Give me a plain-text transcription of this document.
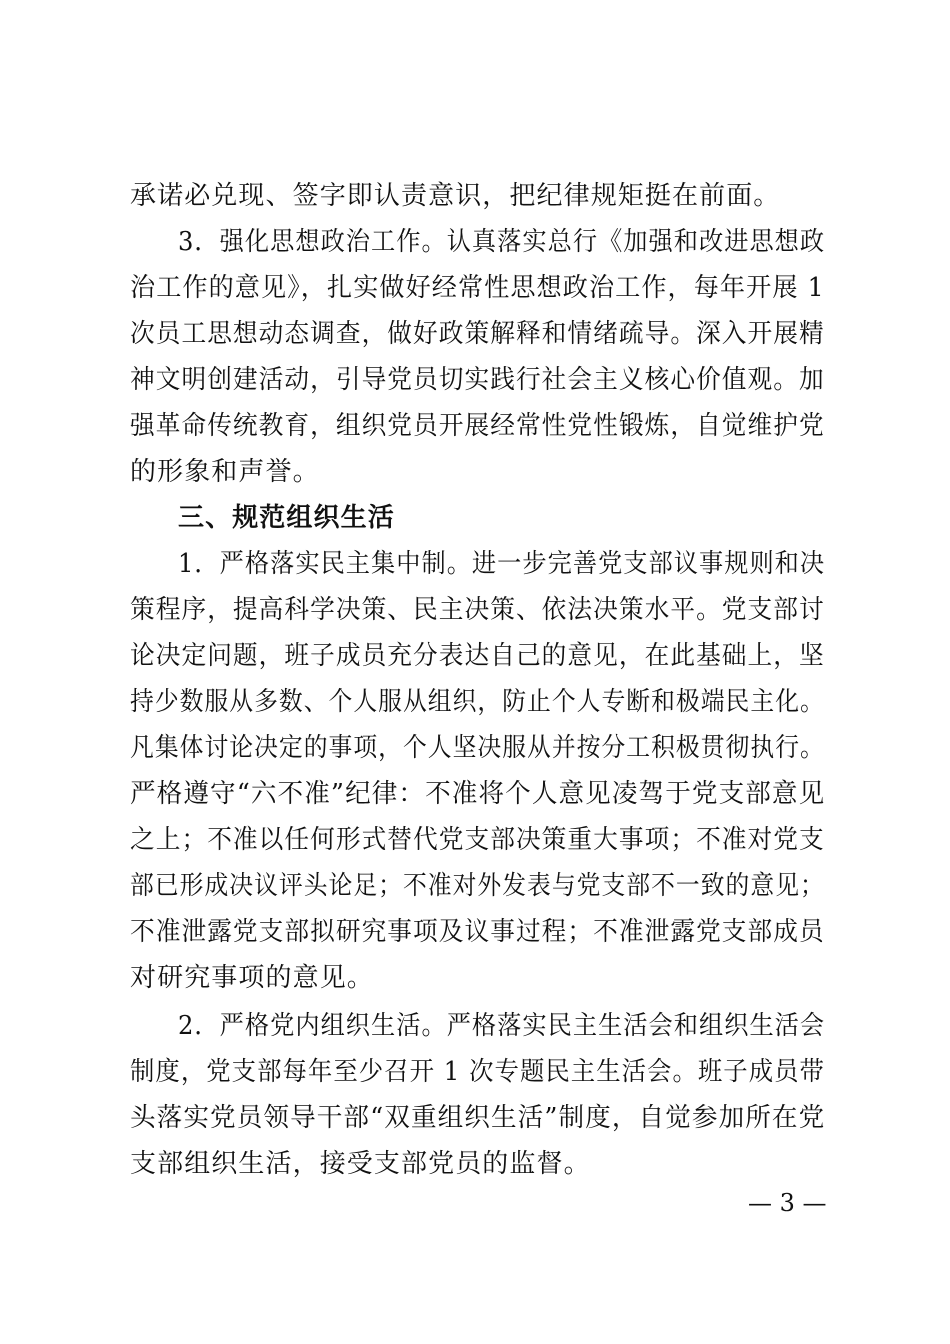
承诺必兑现、签字即认责意识，把纪律规矩挺在前面。
3．强化思想政治工作。认真落实总行《加强和改进思想政
治工作的意见》，扎实做好经常性思想政治工作，每年开展 1
次员工思想动态调查，做好政策解释和情绪疏导。深入开展精
神文明创建活动，引导党员切实践行社会主义核心价值观。加
强革命传统教育，组织党员开展经常性党性锻炼，自觉维护党
的形象和声誉。
三、规范组织生活
1．严格落实民主集中制。进一步完善党支部议事规则和决
策程序，提高科学决策、民主决策、依法决策水平。党支部讨
论决定问题，班子成员充分表达自己的意见，在此基础上，坚
持少数服从多数、个人服从组织，防止个人专断和极端民主化。
凡集体讨论决定的事项，个人坚决服从并按分工积极贯彻执行。
严格遵守“六不准”纪律：不准将个人意见凌驾于党支部意见
之上；不准以任何形式替代党支部决策重大事项；不准对党支
部已形成决议评头论足；不准对外发表与党支部不一致的意见；
不准泄露党支部拟研究事项及议事过程；不准泄露党支部成员
对研究事项的意见。
2．严格党内组织生活。严格落实民主生活会和组织生活会
制度，党支部每年至少召开 1 次专题民主生活会。班子成员带
头落实党员领导干部“双重组织生活”制度，自觉参加所在党
支部组织生活，接受支部党员的监督。
— 3 —
